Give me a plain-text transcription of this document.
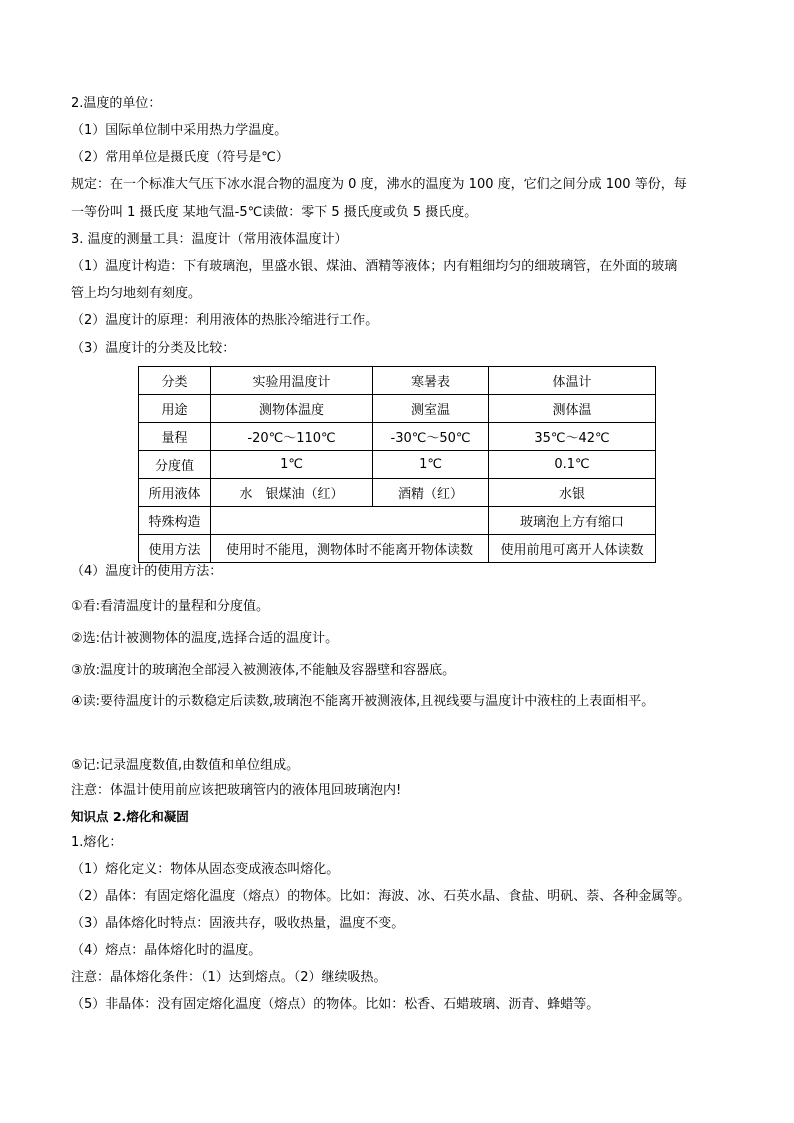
2.温度的单位：
（1）国际单位制中采用热力学温度。
（2）常用单位是摄氏度（符号是℃）
规定：在一个标准大气压下冰水混合物的温度为 0 度，沸水的温度为 100 度，它们之间分成 100 等份，每
一等份叫 1 摄氏度 某地气温-5℃读做：零下 5 摄氏度或负 5 摄氏度。
3. 温度的测量工具：温度计（常用液体温度计）
（1）温度计构造：下有玻璃泡，里盛水银、煤油、酒精等液体；内有粗细均匀的细玻璃管，在外面的玻璃
管上均匀地刻有刻度。
（2）温度计的原理：利用液体的热胀冷缩进行工作。
（3）温度计的分类及比较：
分类	实验用温度计	寒暑表	体温计
用途	测物体温度	测室温	测体温
量程	-20℃～110℃	-30℃～50℃	35℃～42℃
分度值	1℃	1℃	0.1℃
所用液体	水　银煤油（红）	酒精（红）	水银
特殊构造			玻璃泡上方有缩口
使用方法	使用时不能甩，测物体时不能离开物体读数		使用前甩可离开人体读数
（4）温度计的使用方法：
①看:看清温度计的量程和分度值。
②选:估计被测物体的温度,选择合适的温度计。
③放:温度计的玻璃泡全部浸入被测液体,不能触及容器壁和容器底。
④读:要待温度计的示数稳定后读数,玻璃泡不能离开被测液体,且视线要与温度计中液柱的上表面相平。
⑤记:记录温度数值,由数值和单位组成。
注意：体温计使用前应该把玻璃管内的液体甩回玻璃泡内!
知识点 2.熔化和凝固
1.熔化：
（1）熔化定义：物体从固态变成液态叫熔化。
（2）晶体：有固定熔化温度（熔点）的物体。比如：海波、冰、石英水晶、食盐、明矾、萘、各种金属等。
（3）晶体熔化时特点：固液共存，吸收热量，温度不变。
（4）熔点：晶体熔化时的温度。
注意：晶体熔化条件：（1）达到熔点。（2）继续吸热。
（5）非晶体：没有固定熔化温度（熔点）的物体。比如：松香、石蜡玻璃、沥青、蜂蜡等。
